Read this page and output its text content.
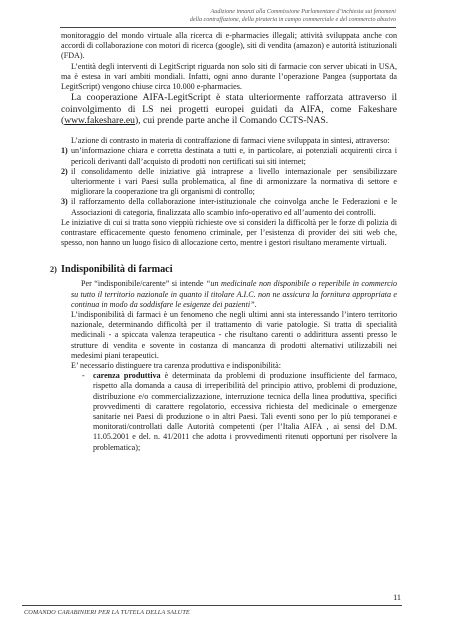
Audizione innanzi alla Commissione Parlamentare d’inchiesta sui fenomeni
della contraffazione, della pirateria in campo commerciale e del commercio abusivo

monitoraggio del mondo virtuale alla ricerca di e-pharmacies illegali; attività sviluppata anche con accordi di collaborazione con motori di ricerca (google), siti di vendita (amazon) e autorità istituzionali (FDA).

L’entità degli interventi di LegitScript riguarda non solo siti di farmacie con server ubicati in USA, ma è estesa in vari ambiti mondiali. Infatti, ogni anno durante l’operazione Pangea (supportata da LegitScript) vengono chiuse circa 10.000 e-pharmacies.

La cooperazione AIFA-LegitScript è stata ulteriormente rafforzata attraverso il coinvolgimento di LS nei progetti europei guidati da AIFA, come Fakeshare (www.fakeshare.eu), cui prende parte anche il Comando CCTS-NAS.

L’azione di contrasto in materia di contraffazione di farmaci viene sviluppata in sintesi, attraverso:

1) un’informazione chiara e corretta destinata a tutti e, in particolare, ai potenziali acquirenti circa i pericoli derivanti dall’acquisto di prodotti non certificati sui siti internet;
2) il consolidamento delle iniziative già intraprese a livello internazionale per sensibilizzare ulteriormente i vari Paesi sulla problematica, al fine di armonizzare la normativa di settore e migliorare la cooperazione tra gli organismi di controllo;
3) il rafforzamento della collaborazione inter-istituzionale che coinvolga anche le Federazioni e le Associazioni di categoria, finalizzata allo scambio info-operativo ed all’aumento dei controlli.

Le iniziative di cui si tratta sono vieppiù richieste ove si consideri la difficoltà per le forze di polizia di contrastare efficacemente questo fenomeno criminale, per l’esistenza di provider dei siti web che, spesso, non hanno un luogo fisico di allocazione certo, mentre i gestori risultano meramente virtuali.

2) Indisponibilità di farmaci

Per “indisponibile/carente” si intende “un medicinale non disponibile o reperibile in commercio su tutto il territorio nazionale in quanto il titolare A.I.C. non ne assicura la fornitura appropriata e continua in modo da soddisfare le esigenze dei pazienti”.

L’indisponibilità di farmaci è un fenomeno che negli ultimi anni sta interessando l’intero territorio nazionale, determinando difficoltà per il trattamento di varie patologie. Si tratta di specialità medicinali - a spiccata valenza terapeutica - che risultano carenti o addirittura assenti presso le strutture di vendita e sovente in costanza di mancanza di prodotti alternativi utilizzabili nei medesimi piani terapeutici.

E’ necessario distinguere tra carenza produttiva e indisponibilità:

- carenza produttiva è determinata da problemi di produzione insufficiente del farmaco, rispetto alla domanda a causa di irreperibilità del principio attivo, problemi di produzione, distribuzione e/o commercializzazione, interruzione tecnica della linea produttiva, specifici provvedimenti di carattere regolatorio, eccessiva richiesta del medicinale o emergenze sanitarie nei Paesi di produzione o in altri Paesi. Tali eventi sono per lo più temporanei e monitorati/controllati dalle Autorità competenti (per l’Italia AIFA , ai sensi del D.M. 11.05.2001 e del. n. 41/2011 che adotta i provvedimenti ritenuti opportuni per risolvere la problematica);
11
COMANDO CARABINIERI PER LA TUTELA DELLA SALUTE
